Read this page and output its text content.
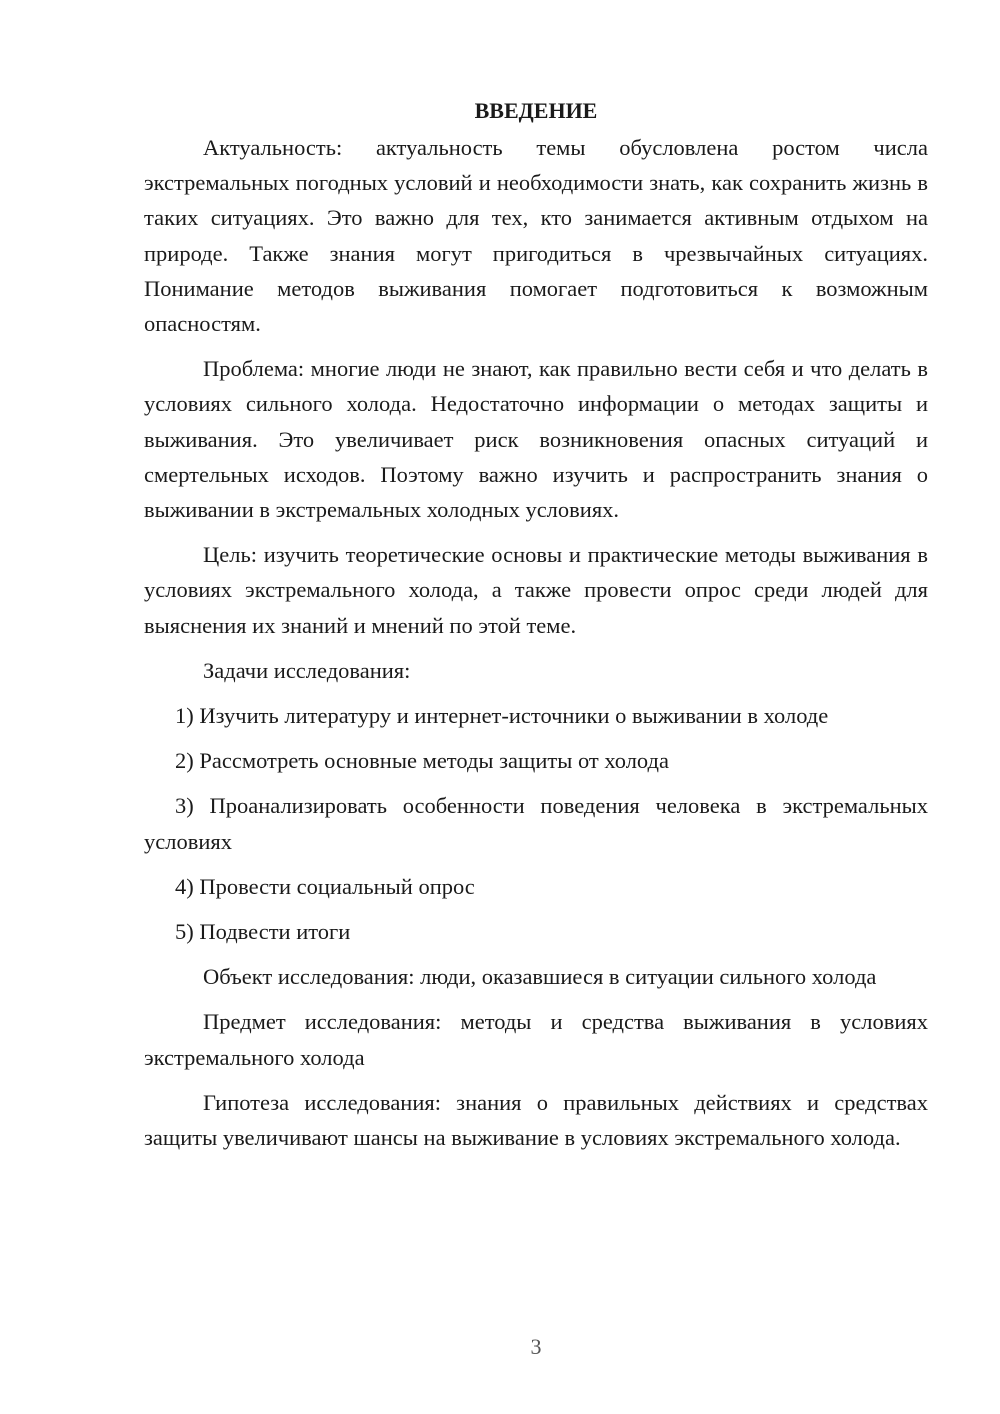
ВВЕДЕНИЕ

Актуальность: актуальность темы обусловлена ростом числа экстремальных погодных условий и необходимости знать, как сохранить жизнь в таких ситуациях. Это важно для тех, кто занимается активным отдыхом на природе. Также знания могут пригодиться в чрезвычайных ситуациях. Понимание методов выживания помогает подготовиться к возможным опасностям.

Проблема: многие люди не знают, как правильно вести себя и что делать в условиях сильного холода. Недостаточно информации о методах защиты и выживания. Это увеличивает риск возникновения опасных ситуаций и смертельных исходов. Поэтому важно изучить и распространить знания о выживании в экстремальных холодных условиях.

Цель: изучить теоретические основы и практические методы выживания в условиях экстремального холода, а также провести опрос среди людей для выяснения их знаний и мнений по этой теме.

Задачи исследования:

1) Изучить литературу и интернет-источники о выживании в холоде

2) Рассмотреть основные методы защиты от холода

3) Проанализировать особенности поведения человека в экстремальных условиях

4) Провести социальный опрос

5) Подвести итоги

Объект исследования: люди, оказавшиеся в ситуации сильного холода

Предмет исследования: методы и средства выживания в условиях экстремального холода

Гипотеза исследования: знания о правильных действиях и средствах защиты увеличивают шансы на выживание в условиях экстремального холода.

3
